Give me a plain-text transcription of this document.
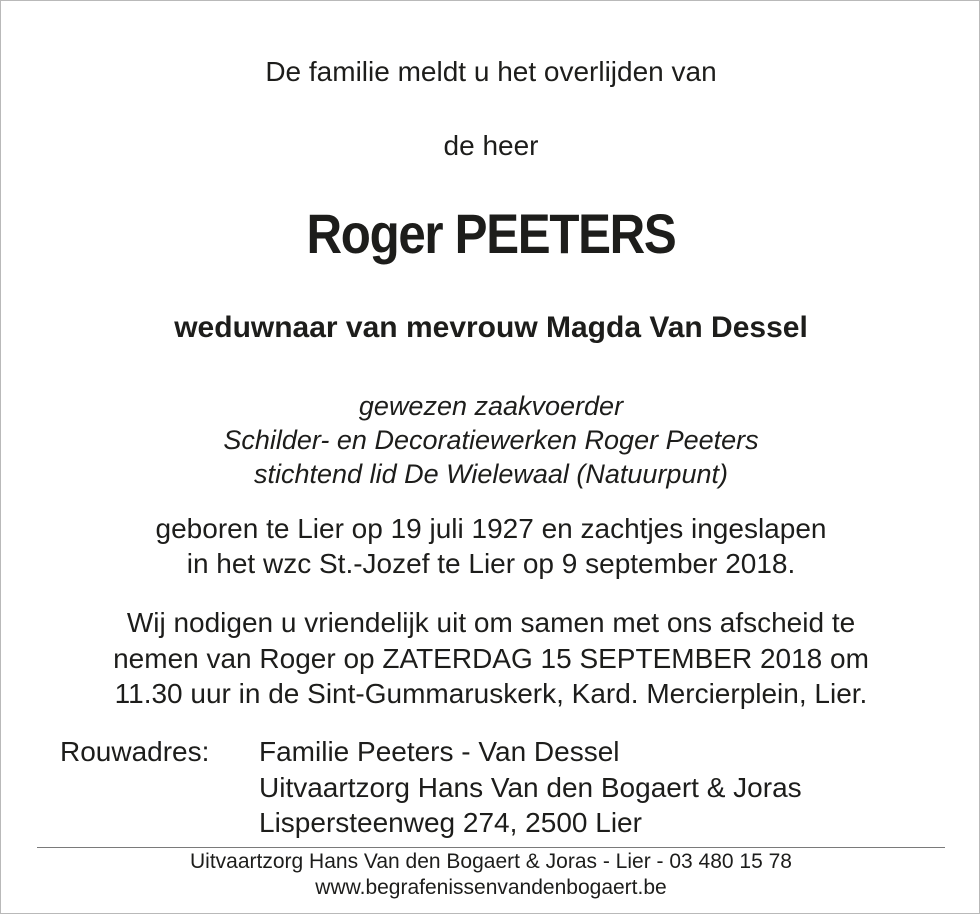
De familie meldt u het overlijden van
de heer
Roger PEETERS
weduwnaar van mevrouw Magda Van Dessel
gewezen zaakvoerder
Schilder- en Decoratiewerken Roger Peeters
stichtend lid De Wielewaal (Natuurpunt)
geboren te Lier op 19 juli 1927 en zachtjes ingeslapen
in het wzc St.-Jozef te Lier op 9 september 2018.
Wij nodigen u vriendelijk uit om samen met ons afscheid te
nemen van Roger op ZATERDAG 15 SEPTEMBER 2018 om
11.30 uur in de Sint-Gummaruskerk, Kard. Mercierplein, Lier.
Rouwadres: Familie Peeters - Van Dessel
Uitvaartzorg Hans Van den Bogaert & Joras
Lispersteenweg 274, 2500 Lier
Uitvaartzorg Hans Van den Bogaert & Joras - Lier - 03 480 15 78
www.begrafenissenvandenbogaert.be
